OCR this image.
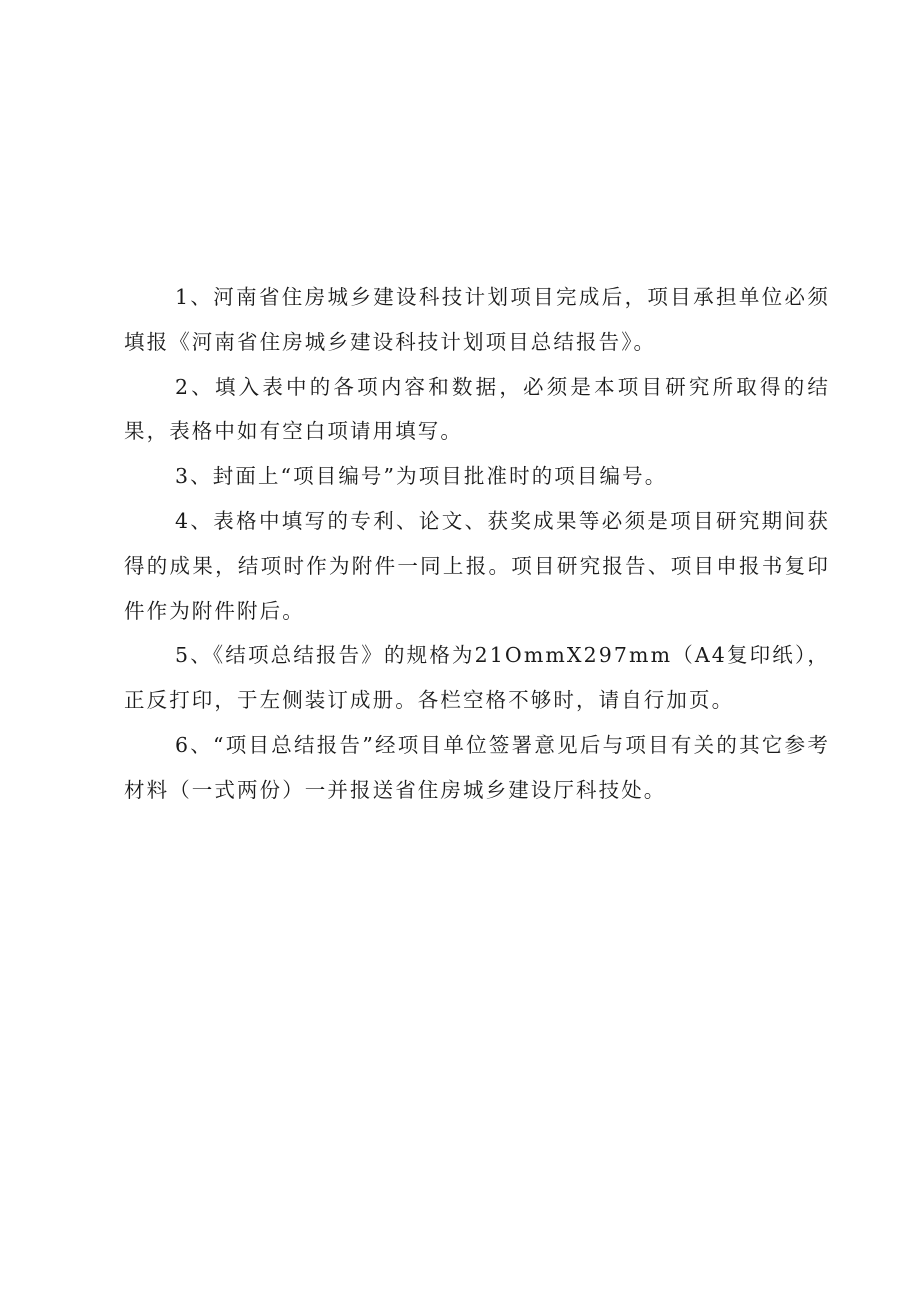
1、河南省住房城乡建设科技计划项目完成后，项目承担单位必须填报《河南省住房城乡建设科技计划项目总结报告》。

2、填入表中的各项内容和数据，必须是本项目研究所取得的结果，表格中如有空白项请用填写。

3、封面上“项目编号”为项目批准时的项目编号。

4、表格中填写的专利、论文、获奖成果等必须是项目研究期间获得的成果，结项时作为附件一同上报。项目研究报告、项目申报书复印件作为附件附后。

5、《结项总结报告》的规格为21OmmX297mm（A4复印纸），正反打印，于左侧装订成册。各栏空格不够时，请自行加页。

6、“项目总结报告”经项目单位签署意见后与项目有关的其它参考材料（一式两份）一并报送省住房城乡建设厅科技处。
